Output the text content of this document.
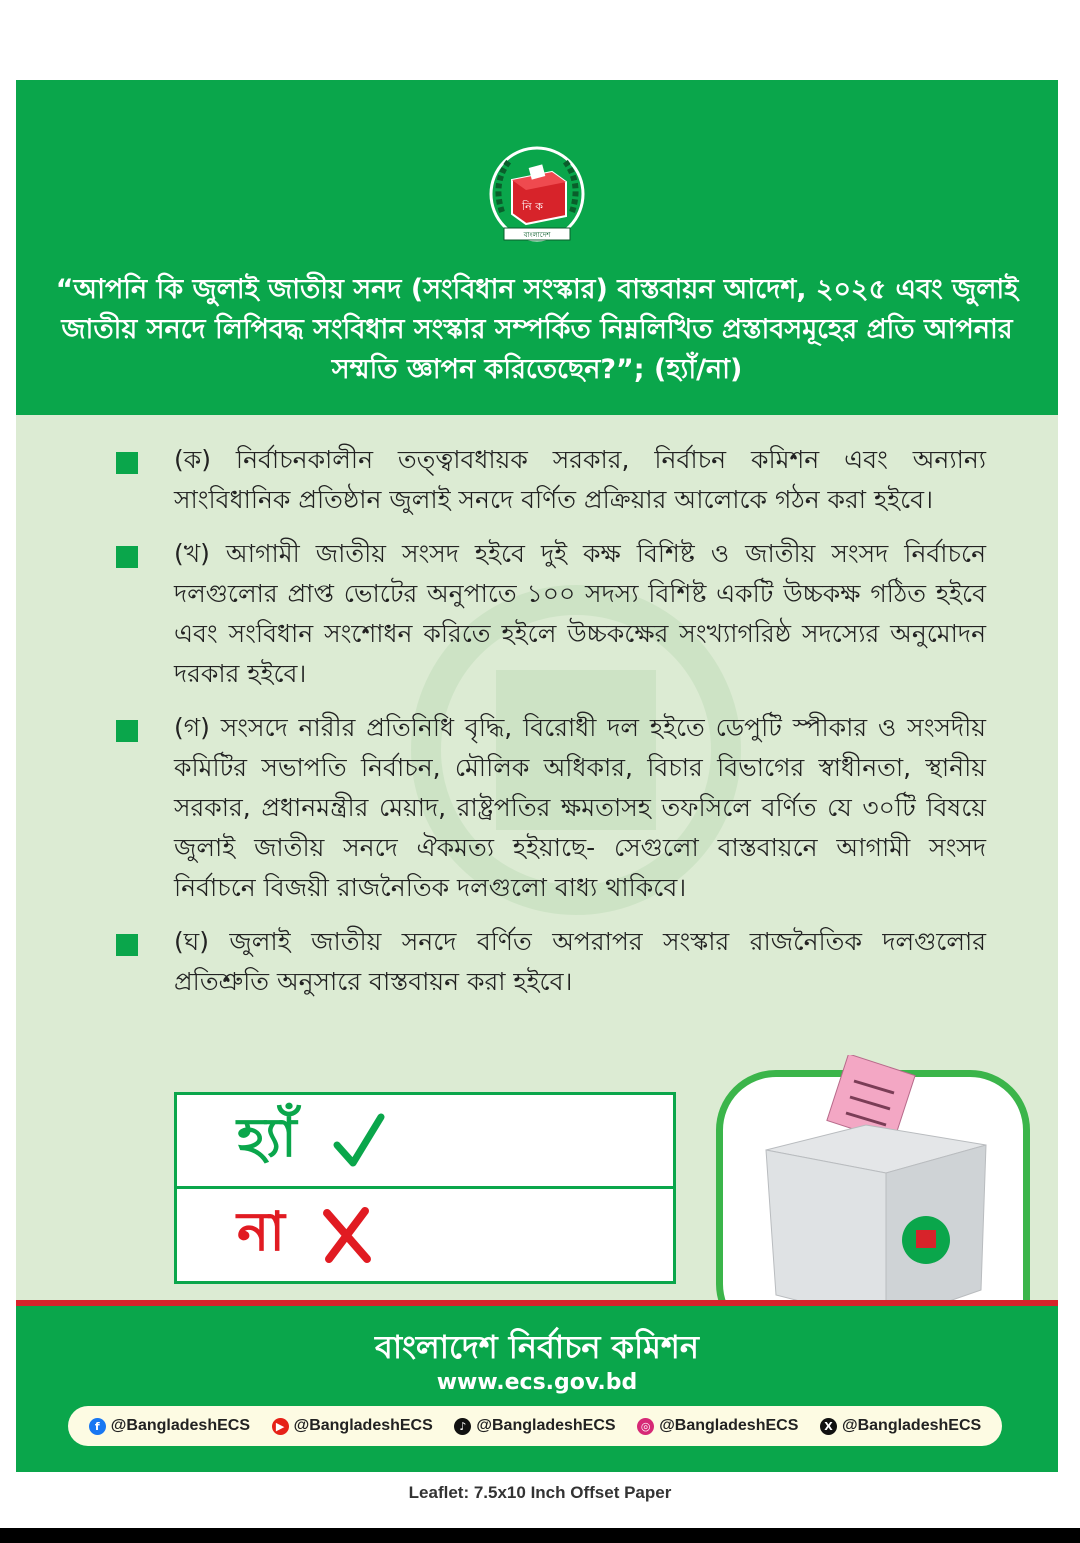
নি ক
বাংলাদেশ
“আপনি কি জুলাই জাতীয় সনদ (সংবিধান সংস্কার) বাস্তবায়ন আদেশ, ২০২৫ এবং জুলাই জাতীয় সনদে লিপিবদ্ধ সংবিধান সংস্কার সম্পর্কিত নিম্নলিখিত প্রস্তাবসমূহের প্রতি আপনার সম্মতি জ্ঞাপন করিতেছেন?”; (হ্যাঁ/না)
(ক) নির্বাচনকালীন তত্ত্বাবধায়ক সরকার, নির্বাচন কমিশন এবং অন্যান্য সাংবিধানিক প্রতিষ্ঠান জুলাই সনদে বর্ণিত প্রক্রিয়ার আলোকে গঠন করা হইবে।
(খ) আগামী জাতীয় সংসদ হইবে দুই কক্ষ বিশিষ্ট ও জাতীয় সংসদ নির্বাচনে দলগুলোর প্রাপ্ত ভোটের অনুপাতে ১০০ সদস্য বিশিষ্ট একটি উচ্চকক্ষ গঠিত হইবে এবং সংবিধান সংশোধন করিতে হইলে উচ্চকক্ষের সংখ্যাগরিষ্ঠ সদস্যের অনুমোদন দরকার হইবে।
(গ) সংসদে নারীর প্রতিনিধি বৃদ্ধি, বিরোধী দল হইতে ডেপুটি স্পীকার ও সংসদীয় কমিটির সভাপতি নির্বাচন, মৌলিক অধিকার, বিচার বিভাগের স্বাধীনতা, স্থানীয় সরকার, প্রধানমন্ত্রীর মেয়াদ, রাষ্ট্রপতির ক্ষমতাসহ তফসিলে বর্ণিত যে ৩০টি বিষয়ে জুলাই জাতীয় সনদে ঐকমত্য হইয়াছে- সেগুলো বাস্তবায়নে আগামী সংসদ নির্বাচনে বিজয়ী রাজনৈতিক দলগুলো বাধ্য থাকিবে।
(ঘ) জুলাই জাতীয় সনদে বর্ণিত অপরাপর সংস্কার রাজনৈতিক দলগুলোর প্রতিশ্রুতি অনুসারে বাস্তবায়ন করা হইবে।
হ্যাঁ
না
বাংলাদেশ নির্বাচন কমিশন
www.ecs.gov.bd
f @BangladeshECS	▶ @BangladeshECS	♪ @BangladeshECS	◎ @BangladeshECS	X @BangladeshECS
Leaflet: 7.5x10 Inch Offset Paper
